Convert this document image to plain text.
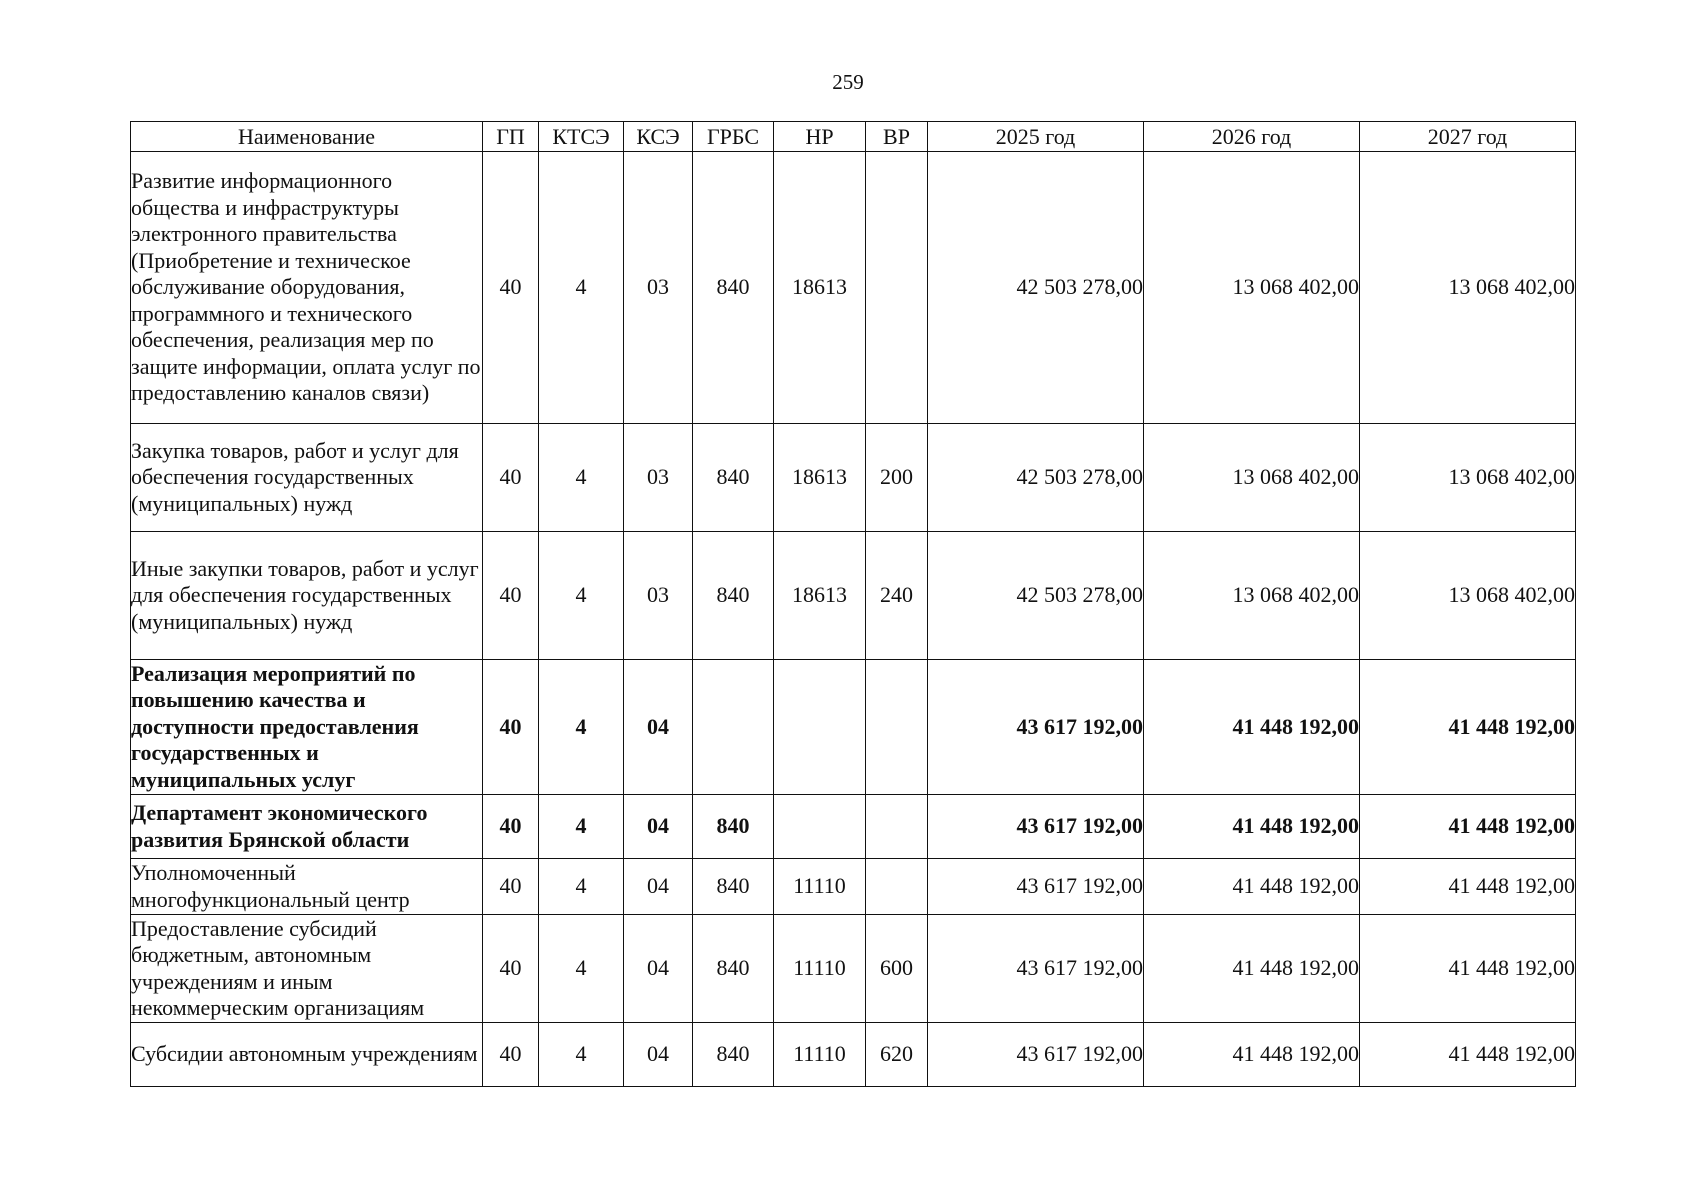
259
Наименование	ГП	КТСЭ	КСЭ	ГРБС	НР	ВР	2025 год	2026 год	2027 год
Развитие информационного общества и инфраструктуры электронного правительства (Приобретение и техническое обслуживание оборудования, программного и технического обеспечения, реализация мер по защите информации, оплата услуг по предоставлению каналов связи)	40	4	03	840	18613		42 503 278,00	13 068 402,00	13 068 402,00
Закупка товаров, работ и услуг для обеспечения государственных (муниципальных) нужд	40	4	03	840	18613	200	42 503 278,00	13 068 402,00	13 068 402,00
Иные закупки товаров, работ и услуг для обеспечения государственных (муниципальных) нужд	40	4	03	840	18613	240	42 503 278,00	13 068 402,00	13 068 402,00
Реализация мероприятий по повышению качества и доступности предоставления государственных и муниципальных услуг	40	4	04				43 617 192,00	41 448 192,00	41 448 192,00
Департамент экономического развития Брянской области	40	4	04	840			43 617 192,00	41 448 192,00	41 448 192,00
Уполномоченный многофункциональный центр	40	4	04	840	11110		43 617 192,00	41 448 192,00	41 448 192,00
Предоставление субсидий бюджетным, автономным учреждениям и иным некоммерческим организациям	40	4	04	840	11110	600	43 617 192,00	41 448 192,00	41 448 192,00
Субсидии автономным учреждениям	40	4	04	840	11110	620	43 617 192,00	41 448 192,00	41 448 192,00
